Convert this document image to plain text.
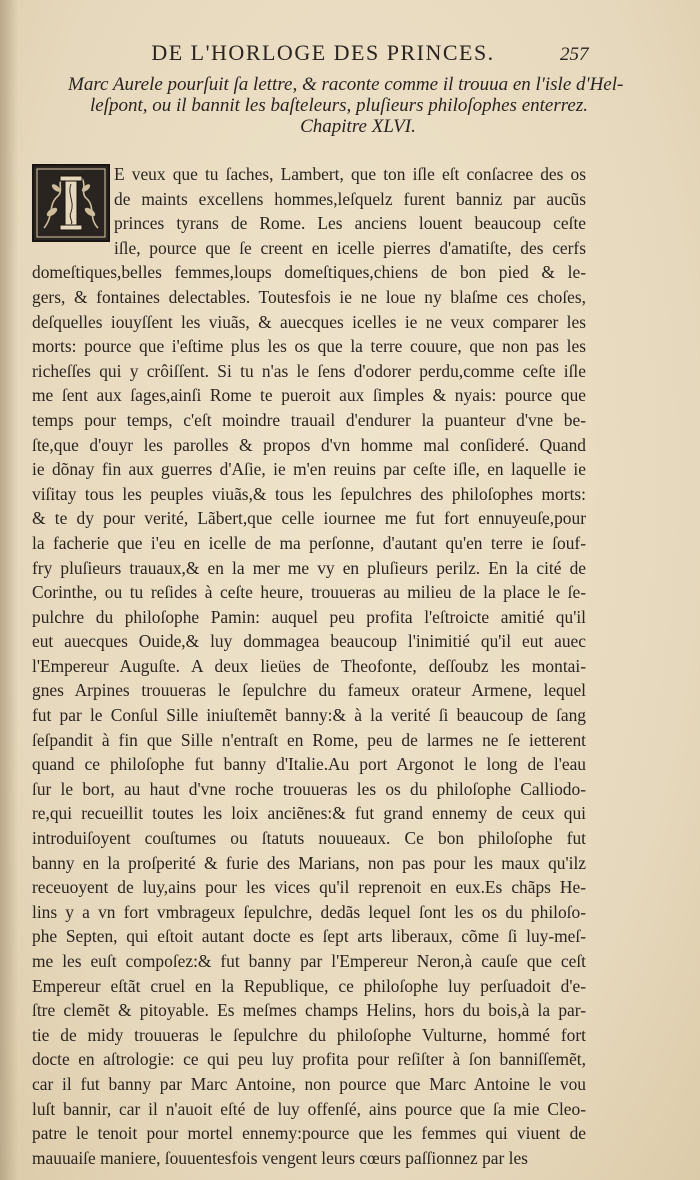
DE L'HORLOGE DES PRINCES.	257
Marc Aurele pourſuit ſa lettre, & raconte comme il trouua en l'isle d'Hel-
leſpont, ou il bannit les baſteleurs, pluſieurs philoſophes enterrez.
Chapitre XLVI.
E veux que tu ſaches, Lambert, que ton iſle eſt conſacree des os
de maints excellens hommes,leſquelz furent banniz par aucũs
princes tyrans de Rome. Les anciens louent beaucoup ceſte
iſle, pource que ſe creent en icelle pierres d'amatiſte, des cerfs
domeſtiques,belles femmes,loups domeſtiques,chiens de bon pied & le-
gers, & fontaines delectables. Toutesfois ie ne loue ny blaſme ces choſes,
deſquelles iouyſſent les viuãs, & auecques icelles ie ne veux comparer les
morts: pource que i'eſtime plus les os que la terre couure, que non pas les
richeſſes qui y crôiſſent. Si tu n'as le ſens d'odorer perdu,comme ceſte iſle
me ſent aux ſages,ainſi Rome te pueroit aux ſimples & nyais: pource que
temps pour temps, c'eſt moindre trauail d'endurer la puanteur d'vne be-
ſte,que d'ouyr les parolles & propos d'vn homme mal conſideré. Quand
ie dõnay fin aux guerres d'Aſie, ie m'en reuins par ceſte iſle, en laquelle ie
viſitay tous les peuples viuãs,& tous les ſepulchres des philoſophes morts:
& te dy pour verité, Lãbert,que celle iournee me fut fort ennuyeuſe,pour
la facherie que i'eu en icelle de ma perſonne, d'autant qu'en terre ie ſouf-
fry pluſieurs trauaux,& en la mer me vy en pluſieurs perilz. En la cité de
Corinthe, ou tu reſides à ceſte heure, trouueras au milieu de la place le ſe-
pulchre du philoſophe Pamin: auquel peu profita l'eſtroicte amitié qu'il
eut auecques Ouide,& luy dommagea beaucoup l'inimitié qu'il eut auec
l'Empereur Auguſte. A deux lieües de Theofonte, deſſoubz les montai-
gnes Arpines trouueras le ſepulchre du fameux orateur Armene, lequel
fut par le Conſul Sille iniuſtemẽt banny:& à la verité ſi beaucoup de ſang
ſeſpandit à fin que Sille n'entraſt en Rome, peu de larmes ne ſe ietterent
quand ce philoſophe fut banny d'Italie.Au port Argonot le long de l'eau
ſur le bort, au haut d'vne roche trouueras les os du philoſophe Calliodo-
re,qui recueillit toutes les loix anciẽnes:& fut grand ennemy de ceux qui
introduiſoyent couſtumes ou ſtatuts nouueaux. Ce bon philoſophe fut
banny en la proſperité & furie des Marians, non pas pour les maux qu'ilz
receuoyent de luy,ains pour les vices qu'il reprenoit en eux.Es chãps He-
lins y a vn fort vmbrageux ſepulchre, dedãs lequel ſont les os du philoſo-
phe Septen, qui eſtoit autant docte es ſept arts liberaux, cõme ſi luy-meſ-
me les euſt compoſez:& fut banny par l'Empereur Neron,à cauſe que ceſt
Empereur eſtãt cruel en la Republique, ce philoſophe luy perſuadoit d'e-
ſtre clemẽt & pitoyable. Es meſmes champs Helins, hors du bois,à la par-
tie de midy trouueras le ſepulchre du philoſophe Vulturne, hommé fort
docte en aſtrologie: ce qui peu luy profita pour reſiſter à ſon banniſſemẽt,
car il fut banny par Marc Antoine, non pource que Marc Antoine le vou
luſt bannir, car il n'auoit eſté de luy offenſé, ains pource que ſa mie Cleo-
patre le tenoit pour mortel ennemy:pource que les femmes qui viuent de
mauuaiſe maniere, ſouuentesfois vengent leurs cœurs paſſionnez par les
